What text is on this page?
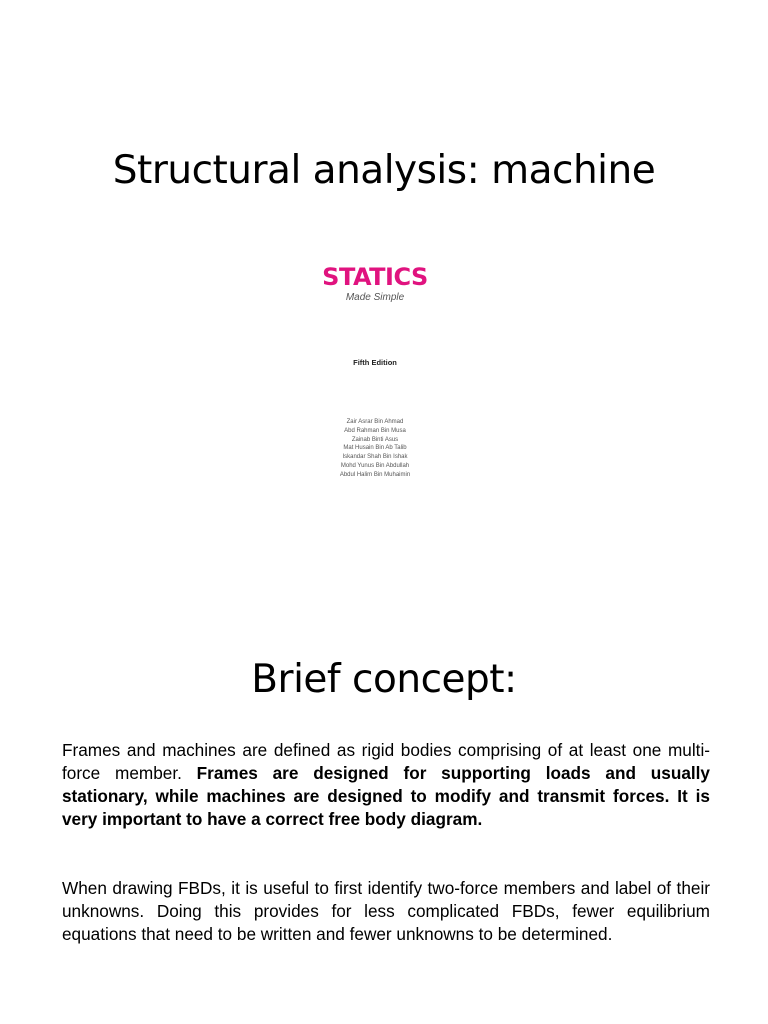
Structural analysis: machine
STATICS
Made Simple
Fifth Edition
Zair Asrar Bin Ahmad
Abd Rahman Bin Musa
Zainab Binti Asus
Mat Husain Bin Ab Talib
Iskandar Shah Bin Ishak
Mohd Yunus Bin Abdullah
Abdul Halim Bin Muhaimin
Brief concept:

Frames and machines are defined as rigid bodies comprising of at least one multi-force member. Frames are designed for supporting loads and usually stationary, while machines are designed to modify and transmit forces. It is very important to have a correct free body diagram.

When drawing FBDs, it is useful to first identify two-force members and label of their unknowns. Doing this provides for less complicated FBDs, fewer equilibrium equations that need to be written and fewer unknowns to be determined.
